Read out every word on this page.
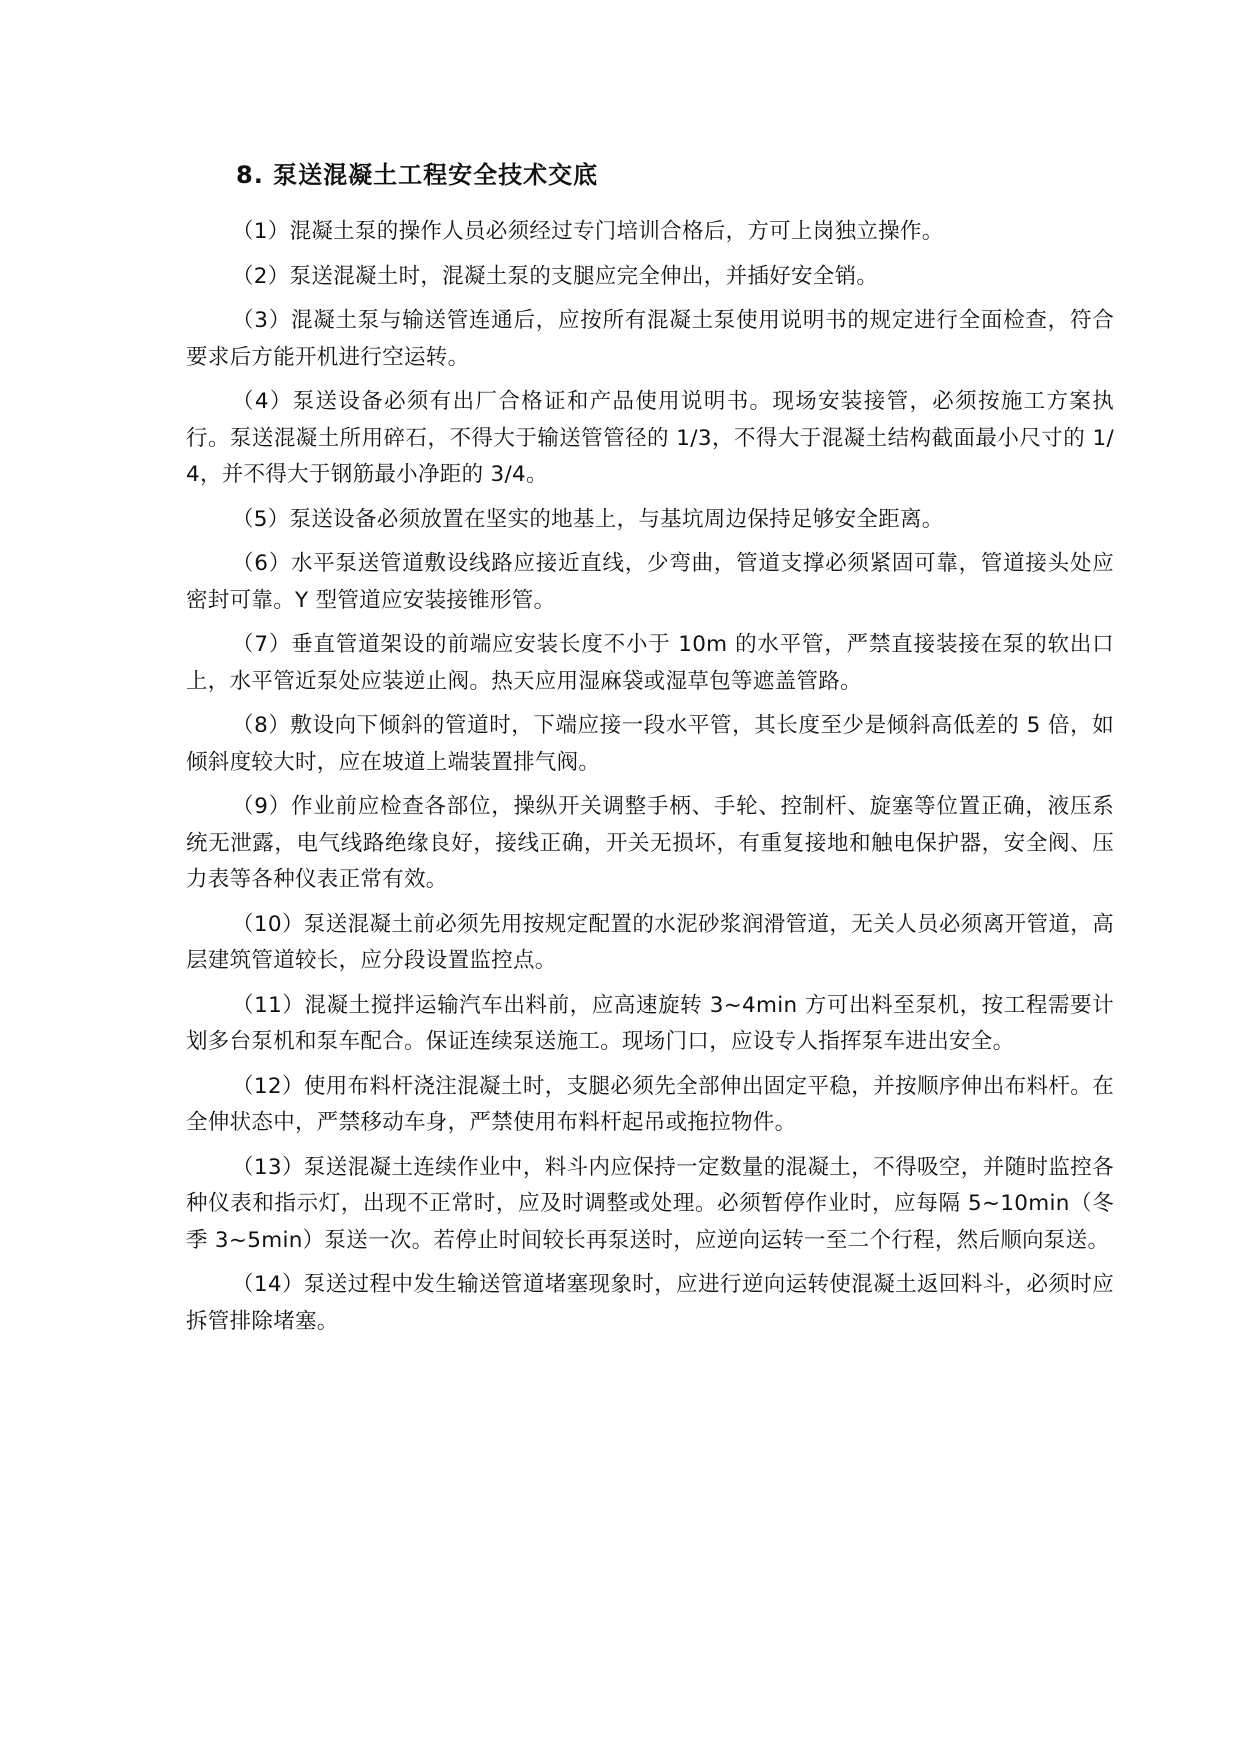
8. 泵送混凝土工程安全技术交底

（1）混凝土泵的操作人员必须经过专门培训合格后，方可上岗独立操作。

（2）泵送混凝土时，混凝土泵的支腿应完全伸出，并插好安全销。

（3）混凝土泵与输送管连通后，应按所有混凝土泵使用说明书的规定进行全面检查，符合要求后方能开机进行空运转。

（4）泵送设备必须有出厂合格证和产品使用说明书。现场安装接管，必须按施工方案执行。泵送混凝土所用碎石，不得大于输送管管径的 1/3，不得大于混凝土结构截面最小尺寸的 1/4，并不得大于钢筋最小净距的 3/4。

（5）泵送设备必须放置在坚实的地基上，与基坑周边保持足够安全距离。

（6）水平泵送管道敷设线路应接近直线，少弯曲，管道支撑必须紧固可靠，管道接头处应密封可靠。Y 型管道应安装接锥形管。

（7）垂直管道架设的前端应安装长度不小于 10m 的水平管，严禁直接装接在泵的软出口上，水平管近泵处应装逆止阀。热天应用湿麻袋或湿草包等遮盖管路。

（8）敷设向下倾斜的管道时，下端应接一段水平管，其长度至少是倾斜高低差的 5 倍，如倾斜度较大时，应在坡道上端装置排气阀。

（9）作业前应检查各部位，操纵开关调整手柄、手轮、控制杆、旋塞等位置正确，液压系统无泄露，电气线路绝缘良好，接线正确，开关无损坏，有重复接地和触电保护器，安全阀、压力表等各种仪表正常有效。

（10）泵送混凝土前必须先用按规定配置的水泥砂浆润滑管道，无关人员必须离开管道，高层建筑管道较长，应分段设置监控点。

（11）混凝土搅拌运输汽车出料前，应高速旋转 3~4min 方可出料至泵机，按工程需要计划多台泵机和泵车配合。保证连续泵送施工。现场门口，应设专人指挥泵车进出安全。

（12）使用布料杆浇注混凝土时，支腿必须先全部伸出固定平稳，并按顺序伸出布料杆。在全伸状态中，严禁移动车身，严禁使用布料杆起吊或拖拉物件。

（13）泵送混凝土连续作业中，料斗内应保持一定数量的混凝土，不得吸空，并随时监控各种仪表和指示灯，出现不正常时，应及时调整或处理。必须暂停作业时，应每隔 5~10min（冬季 3~5min）泵送一次。若停止时间较长再泵送时，应逆向运转一至二个行程，然后顺向泵送。

（14）泵送过程中发生输送管道堵塞现象时，应进行逆向运转使混凝土返回料斗，必须时应拆管排除堵塞。
